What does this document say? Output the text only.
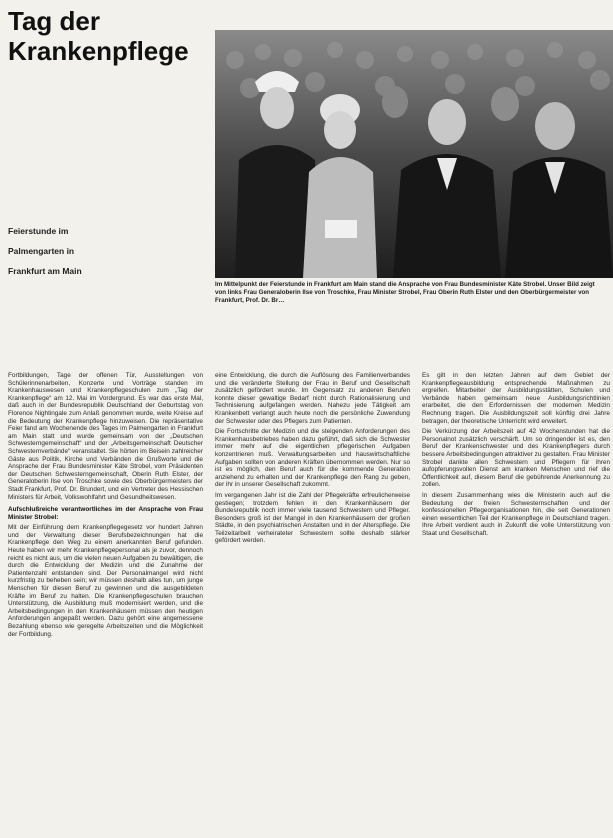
Tag der
Krankenpflege

Feierstunde im

Palmengarten in

Frankfurt am Main

Im Mittelpunkt der Feierstunde in Frankfurt am Main stand die Ansprache von Frau Bundesminister Käte Strobel. Unser Bild zeigt von links Frau Generaloberin Ilse von Troschke, Frau Minister Strobel, Frau Oberin Ruth Elster und den Oberbürgermeister von Frankfurt, Prof. Dr. Br…

Fortbildungen, Tage der offenen Tür, Ausstellungen von Schülerinnenarbeiten, Konzerte und Vorträge standen im Krankenhauswesen und Krankenpflegeschulen zum „Tag der Krankenpflege“ am 12. Mai im Vordergrund. Es war das erste Mal, daß auch in der Bundesrepublik Deutschland der Geburtstag von Florence Nightingale zum Anlaß genommen wurde, weite Kreise auf die Bedeutung der Krankenpflege hinzuweisen. Die repräsentative Feier fand am Wochenende des Tages im Palmengarten in Frankfurt am Main statt und wurde gemeinsam von der „Deutschen Schwesterngemeinschaft“ und der „Arbeitsgemeinschaft Deutscher Schwesternverbände“ veranstaltet. Sie hörten im Beisein zahlreicher Gäste aus Politik, Kirche und Verbänden die Grußworte und die Ansprache der Frau Bundesminister Käte Strobel, vom Präsidenten der Deutschen Schwesterngemeinschaft, Oberin Ruth Elster, der Generaloberin Ilse von Troschke sowie des Oberbürgermeisters der Stadt Frankfurt, Prof. Dr. Brundert, und ein Vertreter des Hessischen Ministers für Arbeit, Volkswohlfahrt und Gesundheitswesen.

Aufschlußreiche verantwortliches im der Ansprache von Frau Minister Strobel:

Mit der Einführung dem Krankenpflegegesetz vor hundert Jahren und der Verwaltung dieser Berufsbezeichnungen hat die Krankenpflege den Weg zu einem anerkannten Beruf gefunden. Heute haben wir mehr Krankenpflegepersonal als je zuvor, dennoch reicht es nicht aus, um die vielen neuen Aufgaben zu bewältigen, die durch die Entwicklung der Medizin und die Zunahme der Patientenzahl entstanden sind. Der Personalmangel wird nicht kurzfristig zu beheben sein; wir müssen deshalb alles tun, um junge Menschen für diesen Beruf zu gewinnen und die ausgebildeten Kräfte im Beruf zu halten. Die Krankenpflegeschulen brauchen Unterstützung, die Ausbildung muß modernisiert werden, und die Arbeitsbedingungen in den Krankenhäusern müssen den heutigen Anforderungen angepaßt werden. Dazu gehört eine angemessene Bezahlung ebenso wie geregelte Arbeitszeiten und die Möglichkeit der Fortbildung.

eine Entwicklung, die durch die Auflösung des Familienverbandes und die veränderte Stellung der Frau in Beruf und Gesellschaft zusätzlich gefördert wurde. Im Gegensatz zu anderen Berufen konnte dieser gewaltige Bedarf nicht durch Rationalisierung und Technisierung aufgefangen werden. Nahezu jede Tätigkeit am Krankenbett verlangt auch heute noch die persönliche Zuwendung der Schwester oder des Pflegers zum Patienten.

Die Fortschritte der Medizin und die steigenden Anforderungen des Krankenhausbetriebes haben dazu geführt, daß sich die Schwester immer mehr auf die eigentlichen pflegerischen Aufgaben konzentrieren muß. Verwaltungsarbeiten und hauswirtschaftliche Aufgaben sollten von anderen Kräften übernommen werden. Nur so ist es möglich, den Beruf auch für die kommende Generation anziehend zu erhalten und der Krankenpflege den Rang zu geben, der ihr in unserer Gesellschaft zukommt.

Im vergangenen Jahr ist die Zahl der Pflegekräfte erfreulicherweise gestiegen; trotzdem fehlen in den Krankenhäusern der Bundesrepublik noch immer viele tausend Schwestern und Pfleger. Besonders groß ist der Mangel in den Krankenhäusern der großen Städte, in den psychiatrischen Anstalten und in der Alterspflege. Die Teilzeitarbeit verheirateter Schwestern sollte deshalb stärker gefördert werden.

Es gilt in den letzten Jahren auf dem Gebiet der Krankenpflegeausbildung entsprechende Maßnahmen zu ergreifen. Mitarbeiter der Ausbildungsstätten, Schulen und Verbände haben gemeinsam neue Ausbildungsrichtlinien erarbeitet, die den Erfordernissen der modernen Medizin Rechnung tragen. Die Ausbildungszeit soll künftig drei Jahre betragen, der theoretische Unterricht wird erweitert.

Die Verkürzung der Arbeitszeit auf 42 Wochenstunden hat die Personalnot zusätzlich verschärft. Um so dringender ist es, den Beruf der Krankenschwester und des Krankenpflegers durch bessere Arbeitsbedingungen attraktiver zu gestalten. Frau Minister Strobel dankte allen Schwestern und Pflegern für ihren aufopferungsvollen Dienst am kranken Menschen und rief die Öffentlichkeit auf, diesem Beruf die gebührende Anerkennung zu zollen.

In diesem Zusammenhang wies die Ministerin auch auf die Bedeutung der freien Schwesternschaften und der konfessionellen Pflegeorganisationen hin, die seit Generationen einen wesentlichen Teil der Krankenpflege in Deutschland tragen. Ihre Arbeit verdient auch in Zukunft die volle Unterstützung von Staat und Gesellschaft.
